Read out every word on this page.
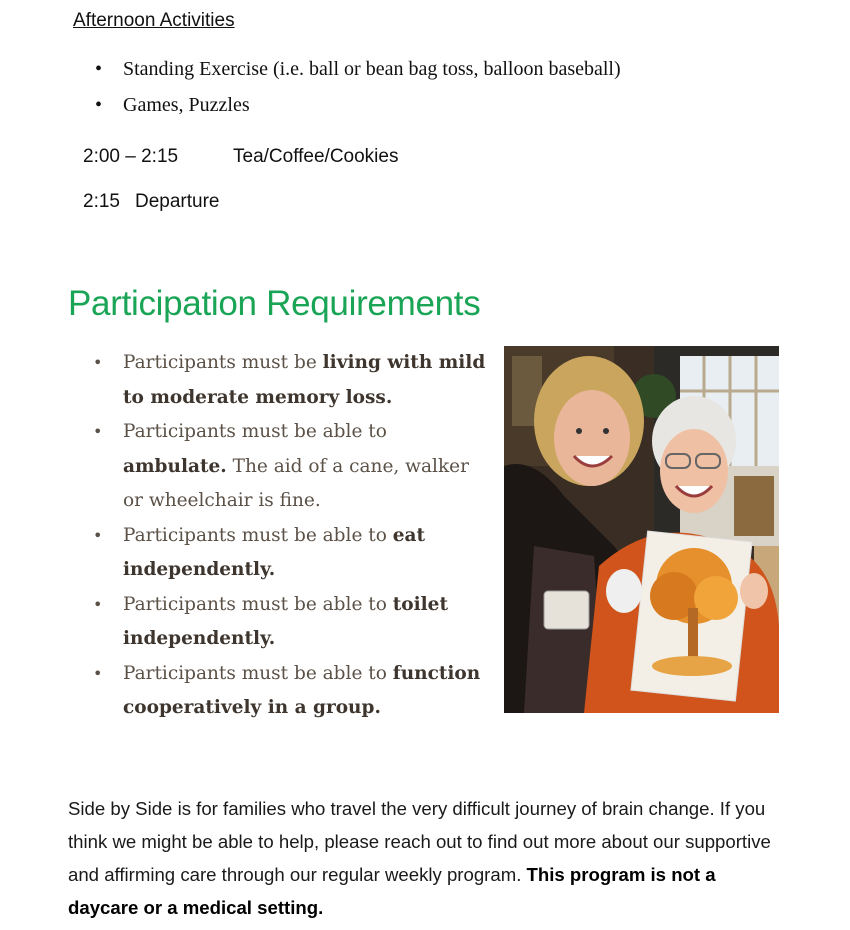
Afternoon Activities
•	Standing Exercise (i.e. ball or bean bag toss, balloon baseball)
•	Games, Puzzles
2:00 – 2:15	Tea/Coffee/Cookies
2:15 Departure
Participation Requirements
•	Participants must be living with mild to moderate memory loss.
•	Participants must be able to ambulate. The aid of a cane, walker or wheelchair is fine.
•	Participants must be able to eat independently.
•	Participants must be able to toilet independently.
•	Participants must be able to function cooperatively in a group.
Side by Side is for families who travel the very difficult journey of brain change. If you think we might be able to help, please reach out to find out more about our supportive and affirming care through our regular weekly program. This program is not a daycare or a medical setting.
